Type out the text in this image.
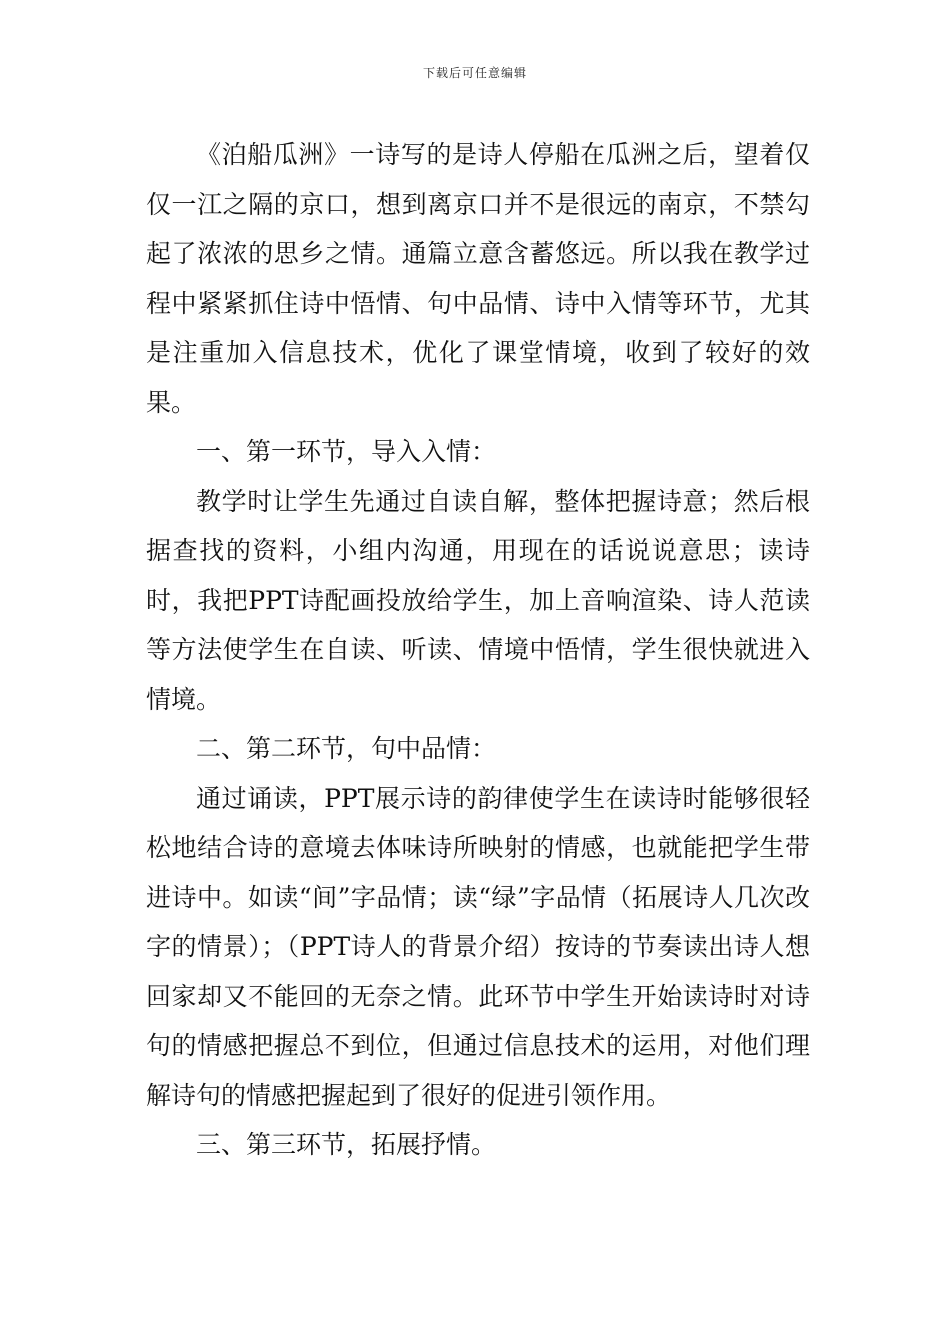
下载后可任意编辑

《泊船瓜洲》一诗写的是诗人停船在瓜洲之后，望着仅仅一江之隔的京口，想到离京口并不是很远的南京，不禁勾起了浓浓的思乡之情。通篇立意含蓄悠远。所以我在教学过程中紧紧抓住诗中悟情、句中品情、诗中入情等环节，尤其是注重加入信息技术，优化了课堂情境，收到了较好的效果。

一、第一环节，导入入情：

教学时让学生先通过自读自解，整体把握诗意；然后根据查找的资料，小组内沟通，用现在的话说说意思；读诗时，我把PPT诗配画投放给学生，加上音响渲染、诗人范读等方法使学生在自读、听读、情境中悟情，学生很快就进入情境。

二、第二环节，句中品情：

通过诵读，PPT展示诗的韵律使学生在读诗时能够很轻松地结合诗的意境去体味诗所映射的情感，也就能把学生带进诗中。如读“间”字品情；读“绿”字品情（拓展诗人几次改字的情景）；（PPT诗人的背景介绍）按诗的节奏读出诗人想回家却又不能回的无奈之情。此环节中学生开始读诗时对诗句的情感把握总不到位，但通过信息技术的运用，对他们理解诗句的情感把握起到了很好的促进引领作用。

三、第三环节，拓展抒情。
